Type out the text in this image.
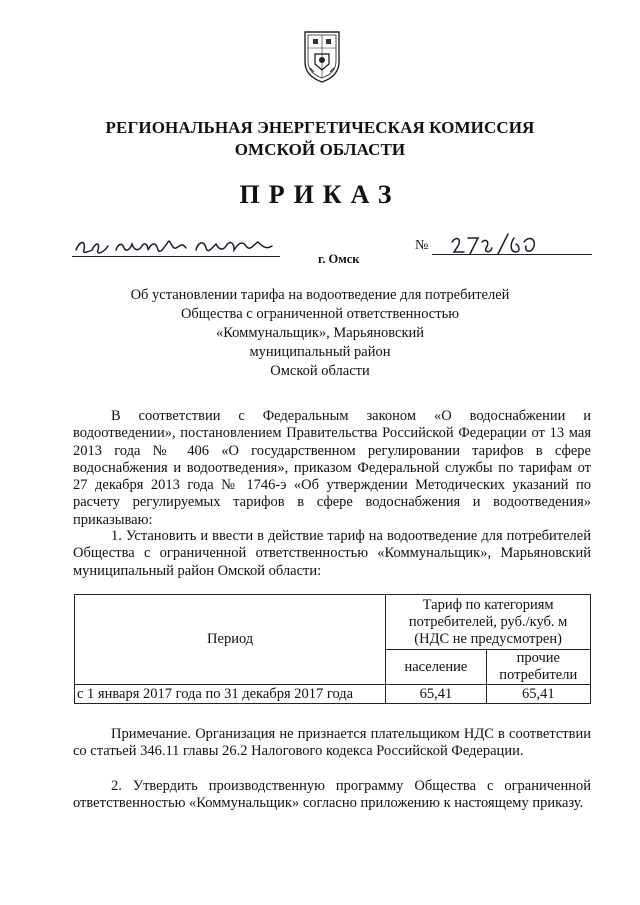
РЕГИОНАЛЬНАЯ ЭНЕРГЕТИЧЕСКАЯ КОМИССИЯ
ОМСКОЙ ОБЛАСТИ
ПРИКАЗ
№
г. Омск
Об установлении тарифа на водоотведение для потребителей
Общества с ограниченной ответственностью
«Коммунальщик», Марьяновский
муниципальный район
Омской области
В соответствии с Федеральным законом «О водоснабжении и водоотведении», постановлением Правительства Российской Федерации от 13 мая 2013 года № 406 «О государственном регулировании тарифов в сфере водоснабжения и водоотведения», приказом Федеральной службы по тарифам от 27 декабря 2013 года № 1746-э «Об утверждении Методических указаний по расчету регулируемых тарифов в сфере водоснабжения и водоотведения» приказываю:
1. Установить и ввести в действие тариф на водоотведение для потребителей Общества с ограниченной ответственностью «Коммунальщик», Марьяновский муниципальный район Омской области:
Период	Тариф по категориям
потребителей, руб./куб. м
(НДС не предусмотрен)	

	население	прочие
потребители

с 1 января 2017 года по 31 декабря 2017 года	65,41	65,41
Примечание. Организация не признается плательщиком НДС в соответствии со статьей 346.11 главы 26.2 Налогового кодекса Российской Федерации.
2. Утвердить производственную программу Общества с ограниченной ответственностью «Коммунальщик» согласно приложению к настоящему приказу.
